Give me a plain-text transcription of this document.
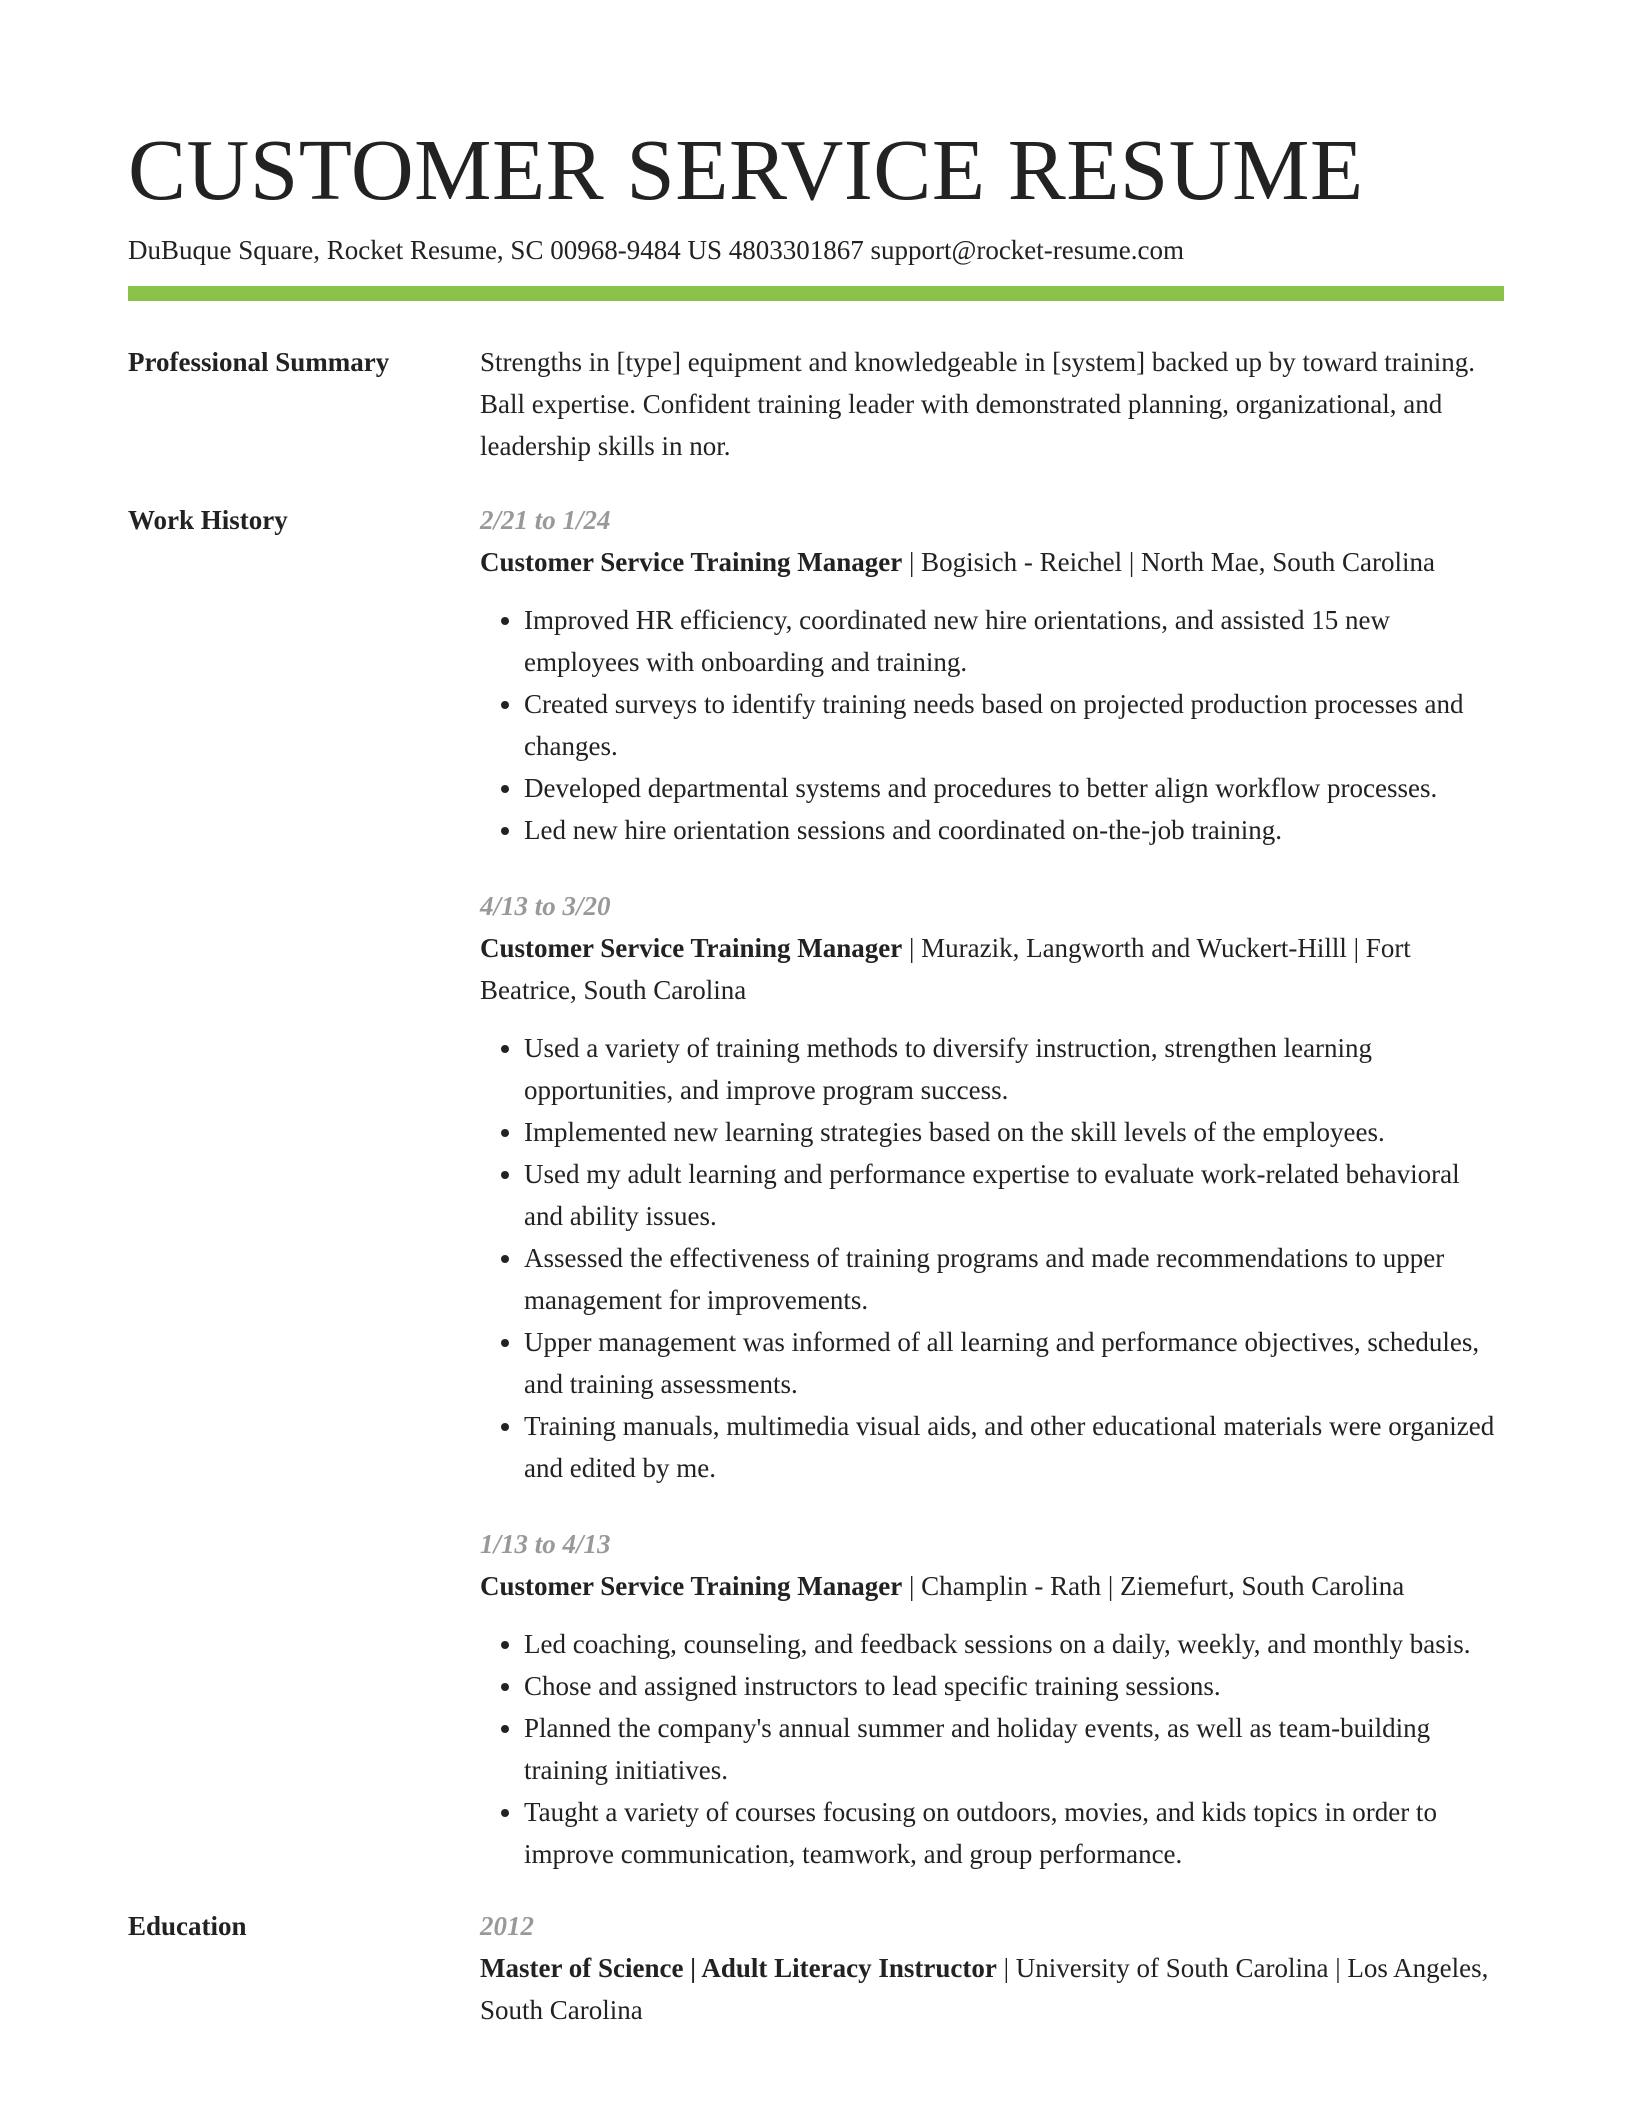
CUSTOMER SERVICE RESUME
DuBuque Square, Rocket Resume, SC 00968-9484 US 4803301867 support@rocket-resume.com
Professional Summary	Strengths in [type] equipment and knowledgeable in [system] backed up by toward training. Ball expertise. Confident training leader with demonstrated planning, organizational, and leadership skills in nor.
Work History	2/21 to 1/24
Customer Service Training Manager | Bogisich - Reichel | North Mae, South Carolina
• Improved HR efficiency, coordinated new hire orientations, and assisted 15 new employees with onboarding and training.
• Created surveys to identify training needs based on projected production processes and changes.
• Developed departmental systems and procedures to better align workflow processes.
• Led new hire orientation sessions and coordinated on-the-job training.
4/13 to 3/20
Customer Service Training Manager | Murazik, Langworth and Wuckert-Hilll | Fort Beatrice, South Carolina
• Used a variety of training methods to diversify instruction, strengthen learning opportunities, and improve program success.
• Implemented new learning strategies based on the skill levels of the employees.
• Used my adult learning and performance expertise to evaluate work-related behavioral and ability issues.
• Assessed the effectiveness of training programs and made recommendations to upper management for improvements.
• Upper management was informed of all learning and performance objectives, schedules, and training assessments.
• Training manuals, multimedia visual aids, and other educational materials were organized and edited by me.
1/13 to 4/13
Customer Service Training Manager | Champlin - Rath | Ziemefurt, South Carolina
• Led coaching, counseling, and feedback sessions on a daily, weekly, and monthly basis.
• Chose and assigned instructors to lead specific training sessions.
• Planned the company's annual summer and holiday events, as well as team-building training initiatives.
• Taught a variety of courses focusing on outdoors, movies, and kids topics in order to improve communication, teamwork, and group performance.
Education	2012
Master of Science | Adult Literacy Instructor | University of South Carolina | Los Angeles, South Carolina
